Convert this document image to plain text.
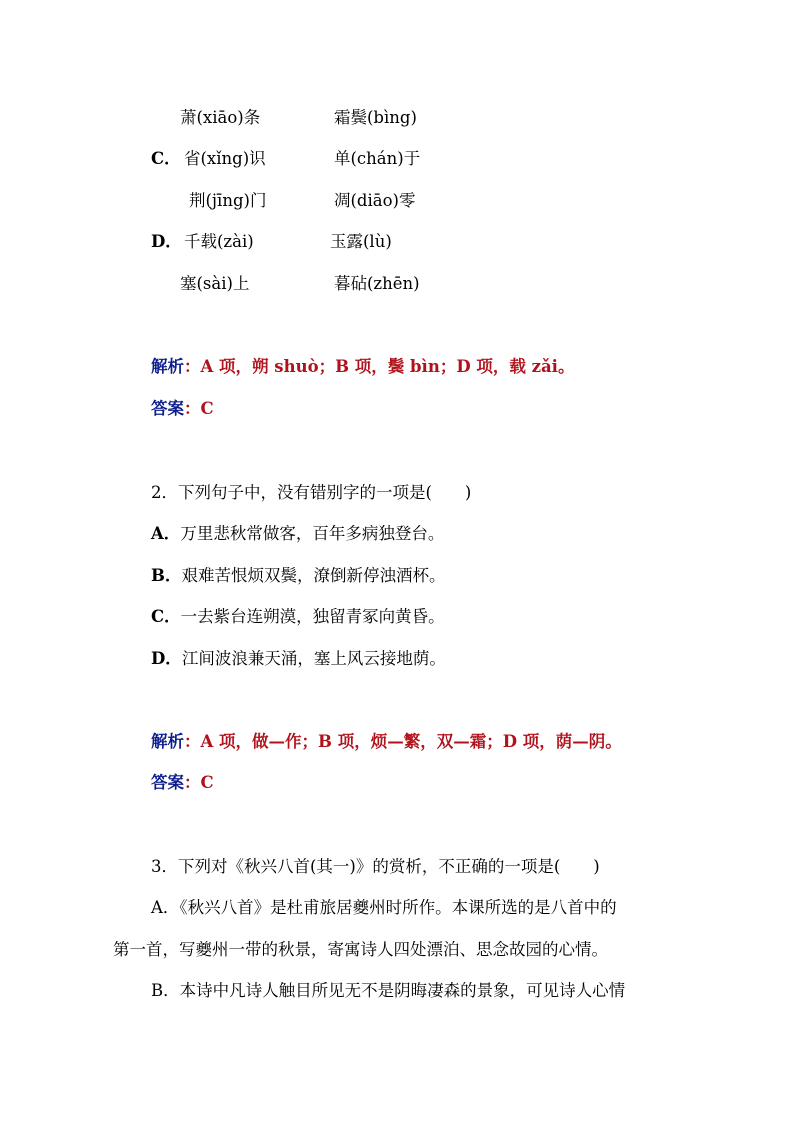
萧(xiāo)条	霜鬓(bìng)
C． 省(xǐng)识	单(chán)于
荆(jīng)门	凋(diāo)零
D． 千载(zài)	玉露(lù)
塞(sài)上	暮砧(zhēn)
解析：A 项，朔 shuò；B 项，鬓 bìn；D 项，载 zǎi。
答案：C
2．下列句子中，没有错别字的一项是(　　)
A．万里悲秋常做客，百年多病独登台。
B．艰难苦恨烦双鬓，潦倒新停浊酒杯。
C．一去紫台连朔漠，独留青冢向黄昏。
D．江间波浪兼天涌，塞上风云接地荫。
解析：A 项，做—作；B 项，烦—繁，双—霜；D 项，荫—阴。
答案：C
3．下列对《秋兴八首(其一)》的赏析，不正确的一项是(　　)
A．《秋兴八首》是杜甫旅居夔州时所作。本课所选的是八首中的
第一首，写夔州一带的秋景，寄寓诗人四处漂泊、思念故园的心情。
B．本诗中凡诗人触目所见无不是阴晦凄森的景象，可见诗人心情
